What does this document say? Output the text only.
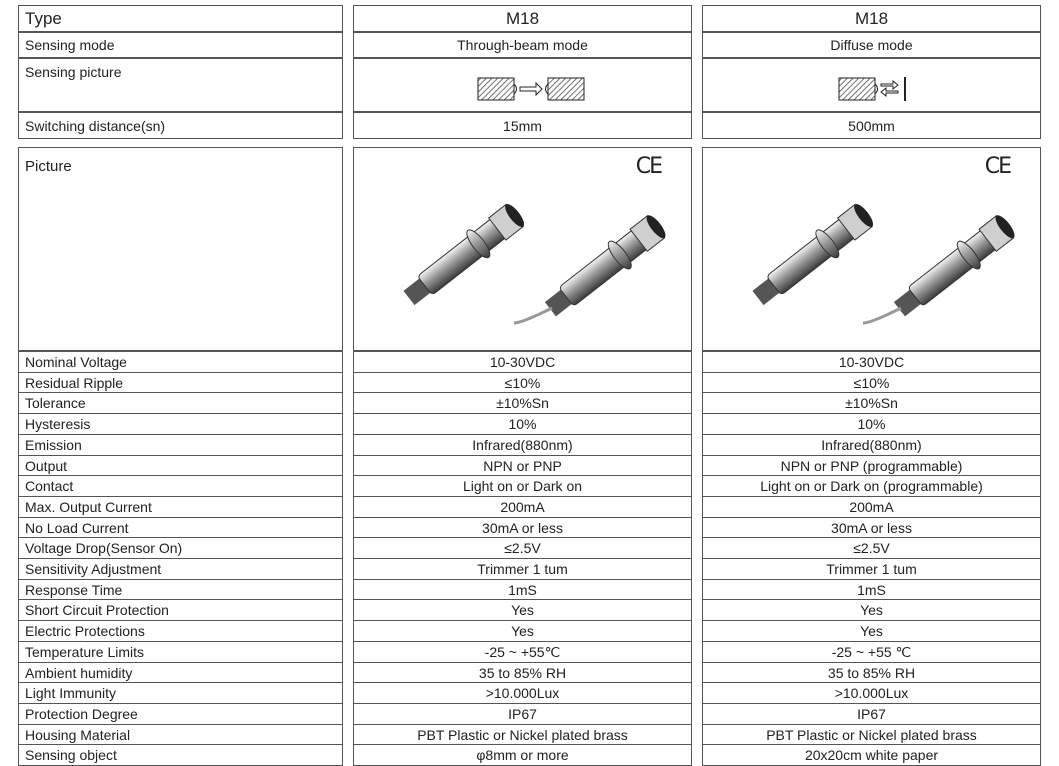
Type	M18	M18
Sensing mode	Through-beam mode	Diffuse mode
Sensing picture
Switching distance(sn)	15mm	500mm
Picture	CE	CE
Nominal Voltage	10-30VDC	10-30VDC
Residual Ripple	≤10%	≤10%
Tolerance	±10%Sn	±10%Sn
Hysteresis	10%	10%
Emission	Infrared(880nm)	Infrared(880nm)
Output	NPN or PNP	NPN or PNP (programmable)
Contact	Light on or Dark on	Light on or Dark on (programmable)
Max. Output Current	200mA	200mA
No Load Current	30mA or less	30mA or less
Voltage Drop(Sensor On)	≤2.5V	≤2.5V
Sensitivity Adjustment	Trimmer 1 tum	Trimmer 1 tum
Response Time	1mS	1mS
Short Circuit Protection	Yes	Yes
Electric Protections	Yes	Yes
Temperature Limits	-25 ~ +55℃	-25 ~ +55 ℃
Ambient humidity	35 to 85% RH	35 to 85% RH
Light Immunity	>10.000Lux	>10.000Lux
Protection Degree	IP67	IP67
Housing Material	PBT Plastic or Nickel plated brass	PBT Plastic or Nickel plated brass
Sensing object	φ8mm or more	20x20cm white paper
